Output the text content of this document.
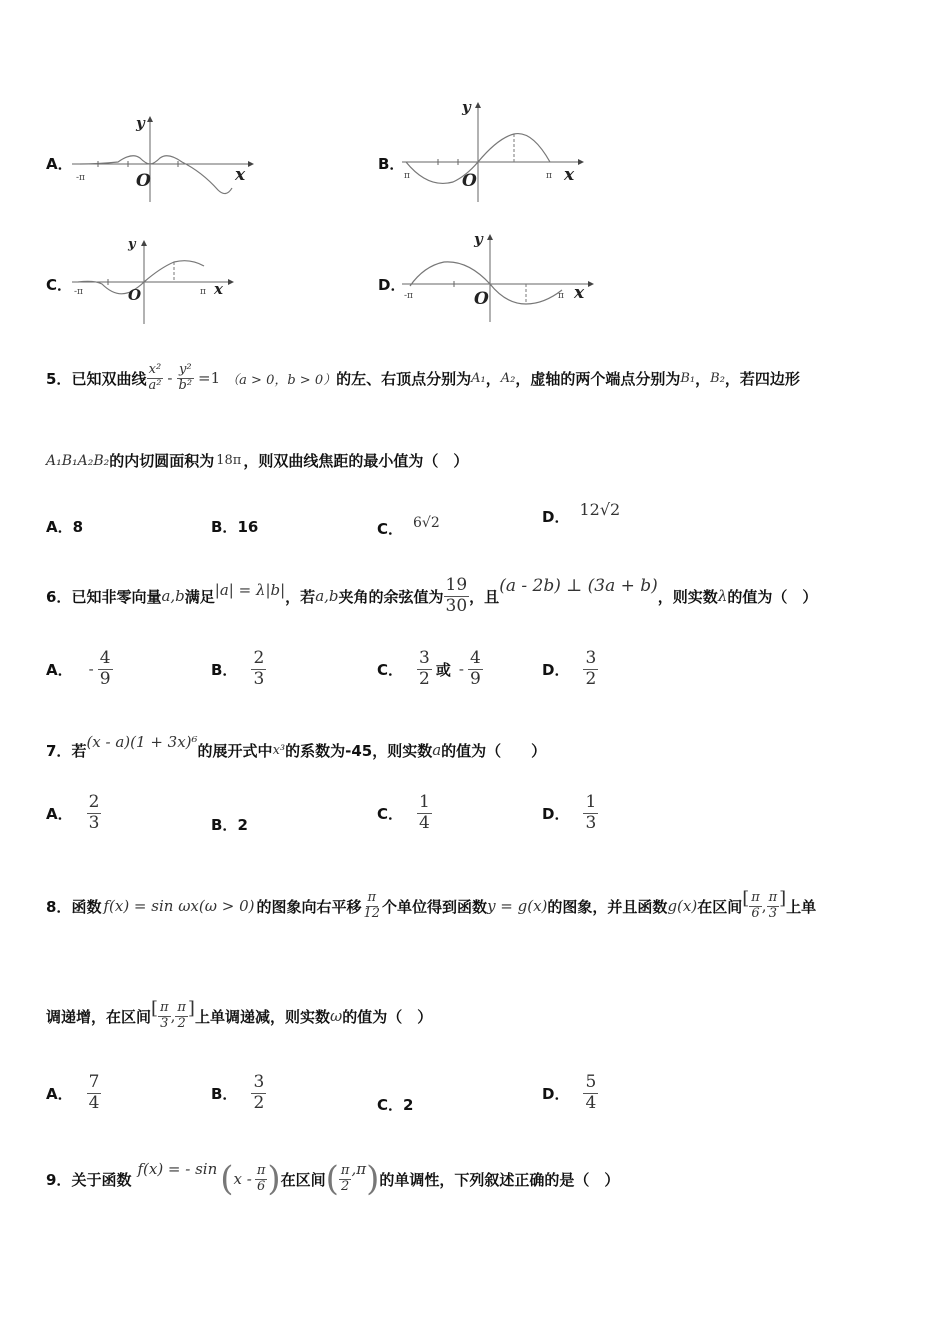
A．
O	x
y
-π
B．
O	x
y
π	π
C．
O	x
y
-π	π	D．
O	x
y
-π	π
5． 已知双曲线 $\frac{\text{x²}}{\text{a²}} - \frac{\text{y²}}{\text{b²}} =1$ （a > 0，b > 0） 的左、右顶点分别为 A₁ ， A₂ ，虚轴的两个端点分别为 B₁ ， B₂ ，若四边形
A₁B₁A₂B₂ 的内切圆面积为 18π ，则双曲线焦距的最小值为（　）
A．8	B．16	C． 6√2	D． 12√2
6． 已知非零向量 a,b 满足 |a| = λ|b| ，若 a,b 夹角的余弦值为 $\frac{19}{30}$ ，且
(a - 2b) ⊥ (3a + b)
，则实数 λ 的值为（　）
A． - $\frac{4}{9}$	B． $\frac{2}{3}$	C． $\frac{3}{2}$ 或 - $\frac{4}{9}$	D． $\frac{3}{2}$
7． 若 (x - a)(1 + 3x)⁶ 的展开式中 x³ 的系数为-45，则实数 a 的值为（　　）
A． $\frac{2}{3}$	B．2
C． $\frac{1}{4}$	D． $\frac{1}{3}$
8． 函数 f(x) = sin ωx(ω > 0) 的图象向右平移 $\frac{\pi}{12}$ 个单位得到函数 y = g(x) 的图象，并且函数 g(x) 在区间 [ $\frac{\pi}{6}$ , $\frac{\pi}{3}$ ] 上单
调递增，在区间 [ $\frac{\pi}{3}$ , $\frac{\pi}{2}$ ] 上单调递减，则实数 ω 的值为（　）
A． $\frac{7}{4}$	B． $\frac{3}{2}$	C．2
D． $\frac{5}{4}$
9． 关于函数
f(x) = - sin ( x - $\frac{\pi}{6}$ ) 在区间 ( $\frac{\pi}{2} ,\pi$ ) 的单调性，下列叙述正确的是（　）
